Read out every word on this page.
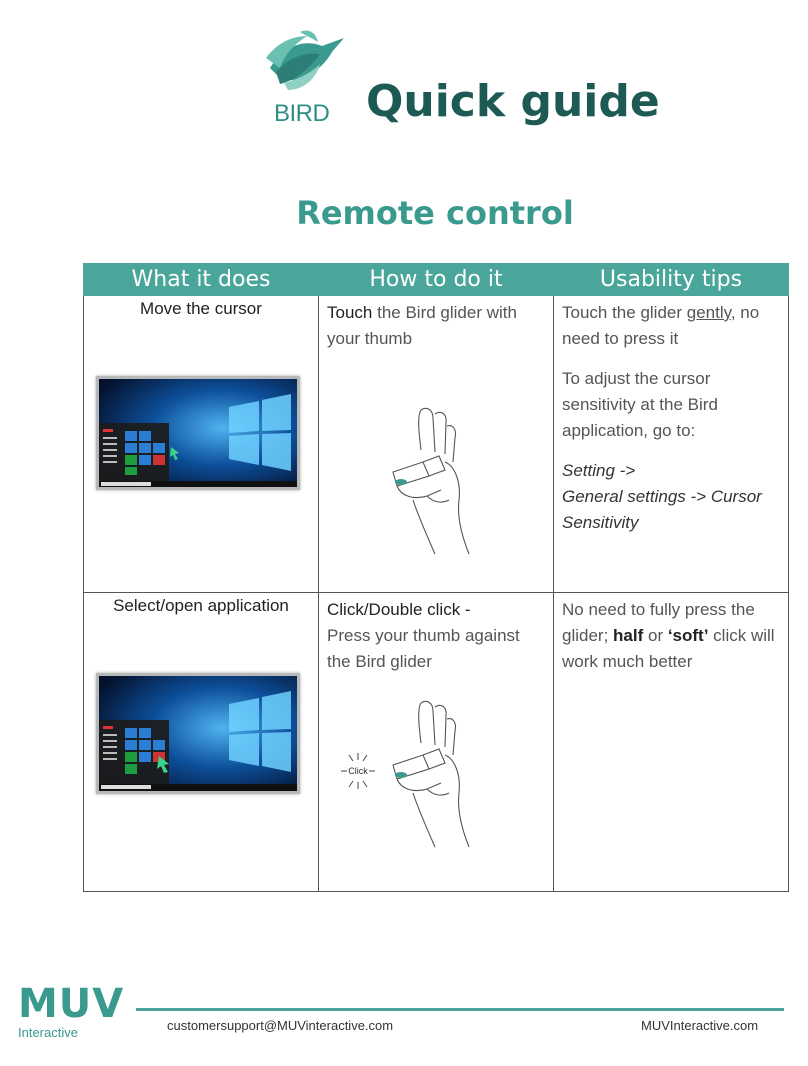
BIRD Quick guide
Remote control
What it does	How to do it	Usability tips

Move the cursor	Touch the Bird glider with your thumb	Touch the glider gently, no need to press it
To adjust the cursor sensitivity at the Bird application, go to:
Setting ->
General settings -> Cursor Sensitivity

Select/open application	Click/Double click -
Press your thumb against the Bird glider
Click	No need to fully press the glider; half or ‘soft’ click will work much better
MUV
Interactive	customersupport@MUVinteractive.com	MUVInteractive.com
